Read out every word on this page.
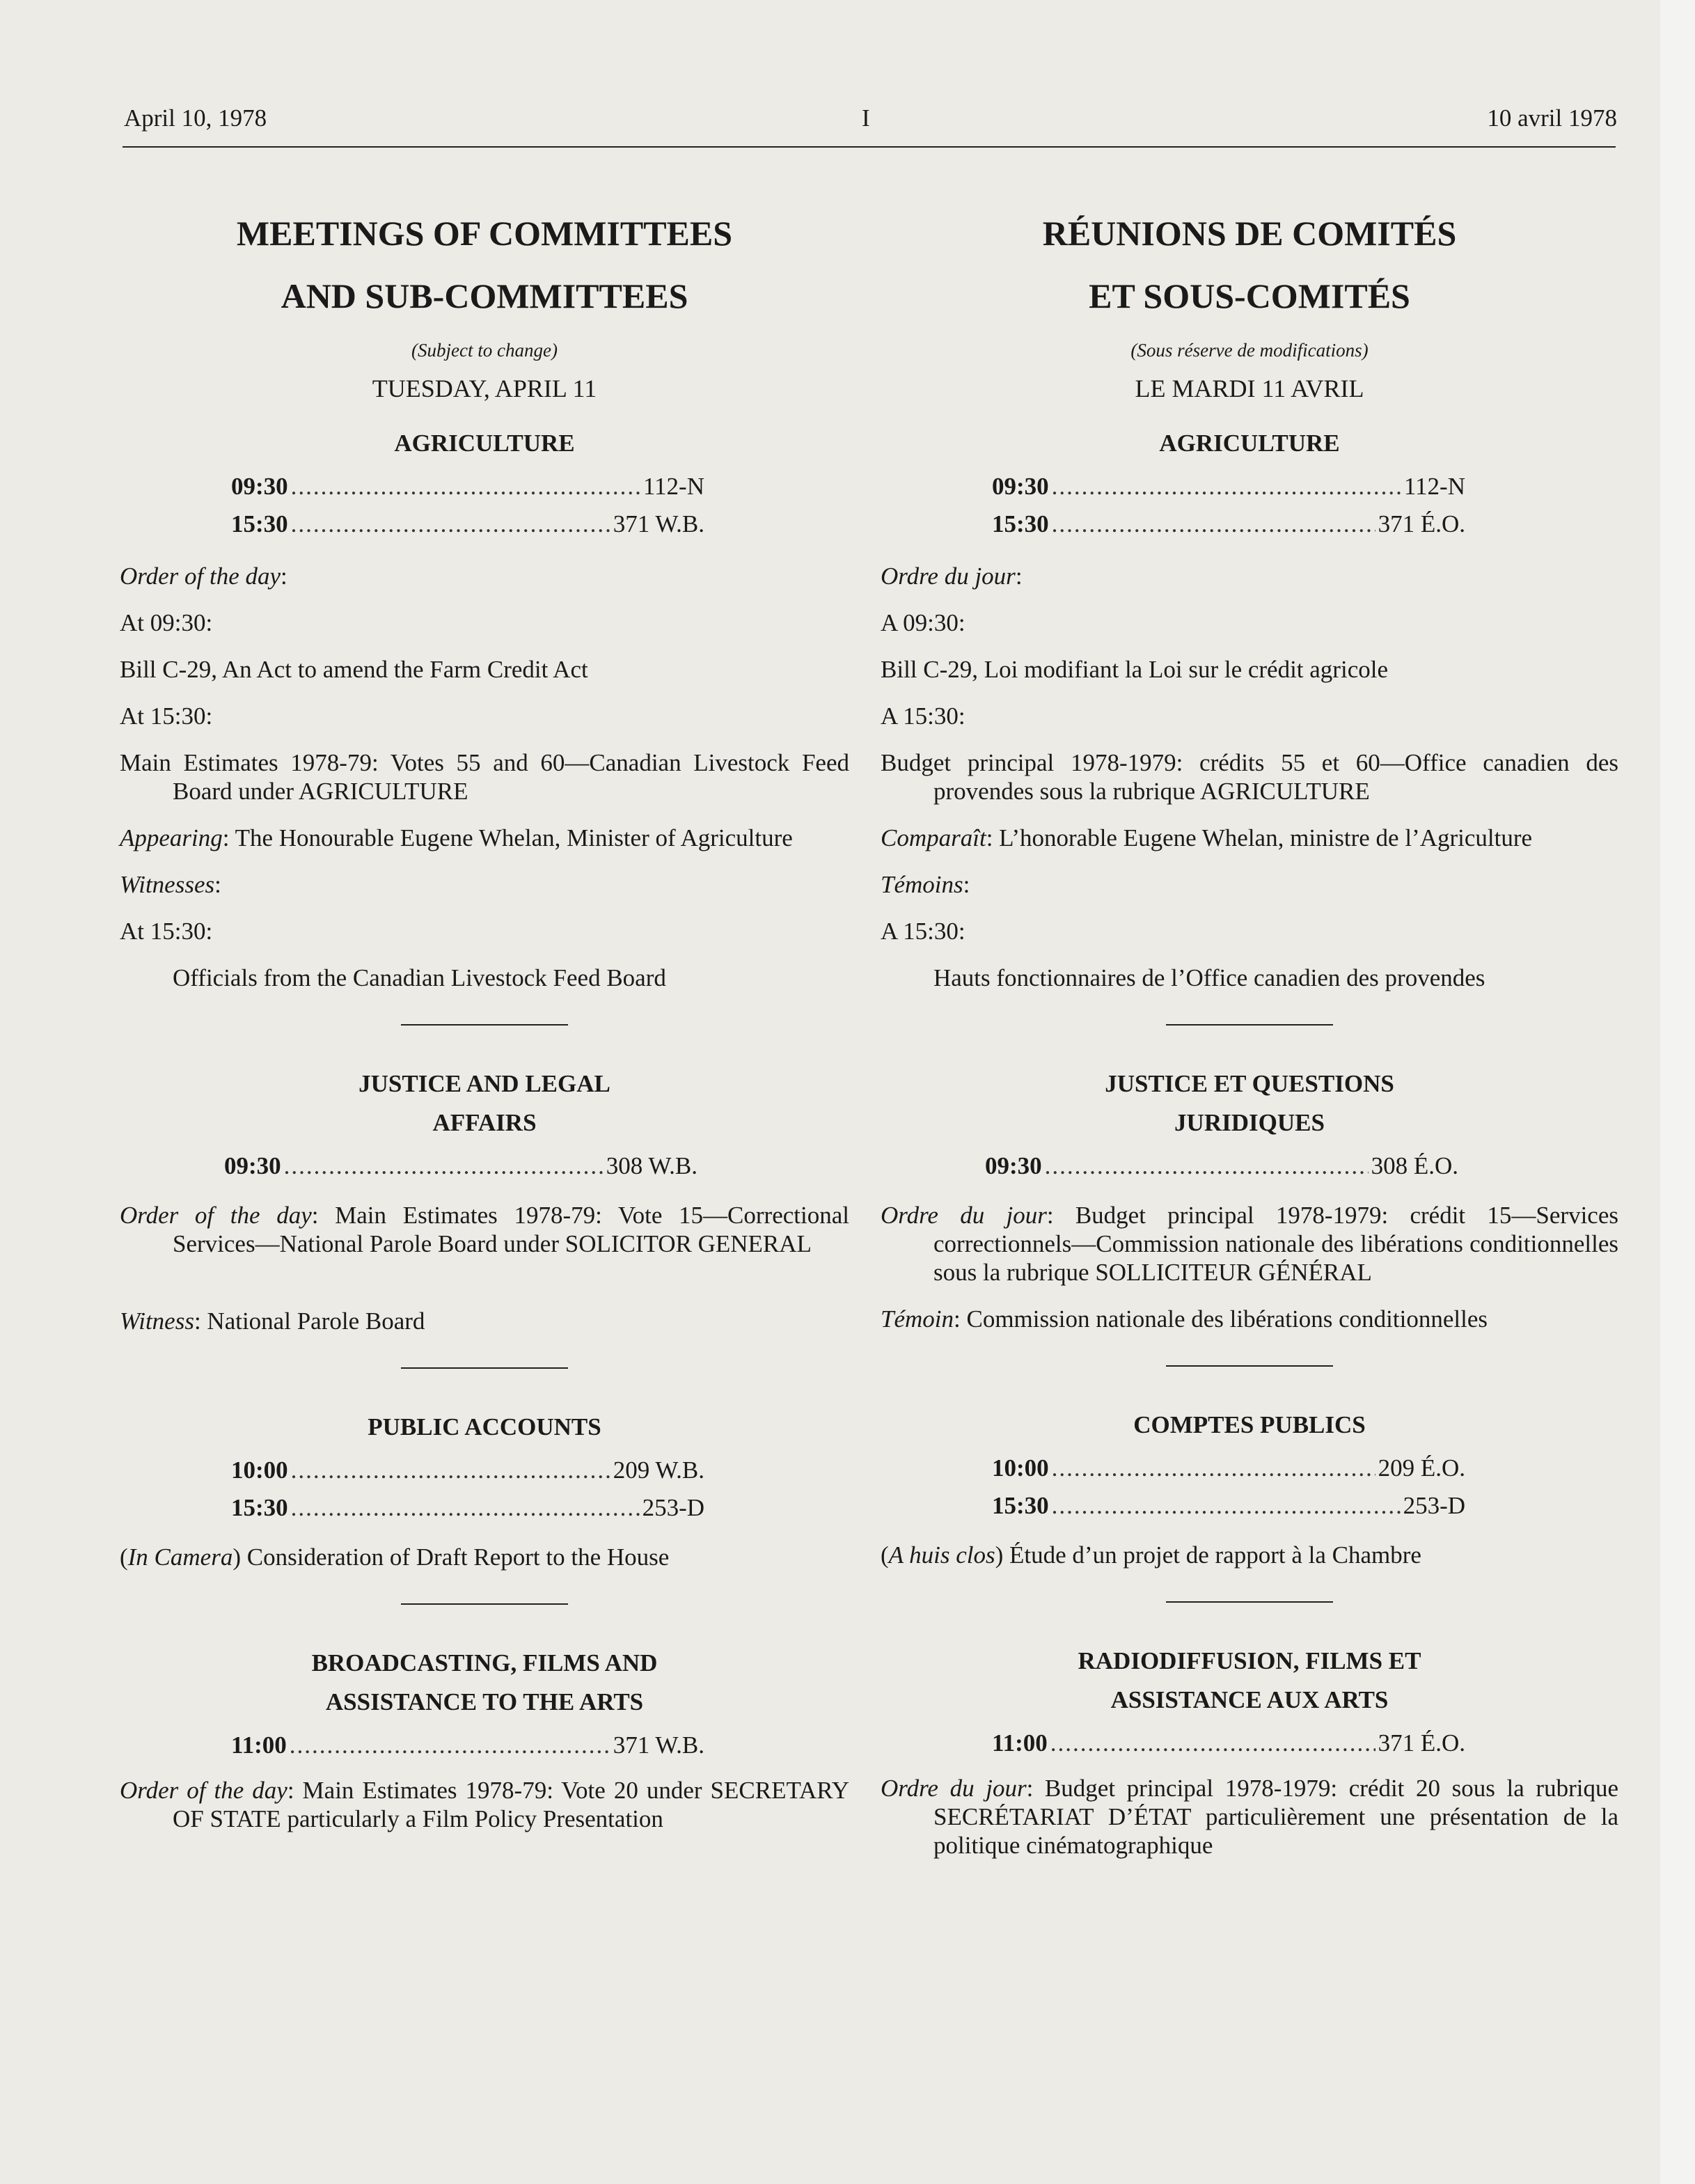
April 10, 1978	I	10 avril 1978
MEETINGS OF COMMITTEES
AND SUB-COMMITTEES
(Subject to change)
TUESDAY, APRIL 11
AGRICULTURE
09:30 .....	112-N
15:30 .....	371 W.B.
Order of the day:
At 09:30:
Bill C-29, An Act to amend the Farm Credit Act
At 15:30:
Main Estimates 1978-79: Votes 55 and 60—Canadian Livestock Feed Board under AGRICULTURE
Appearing: The Honourable Eugene Whelan, Minister of Agriculture
Witnesses:
At 15:30:
Officials from the Canadian Livestock Feed Board
JUSTICE AND LEGAL
AFFAIRS
09:30 .....	308 W.B.
Order of the day: Main Estimates 1978-79: Vote 15—Correctional Services—National Parole Board under SOLICITOR GENERAL
Witness: National Parole Board
PUBLIC ACCOUNTS
10:00 .....	209 W.B.
15:30 .....	253-D
(In Camera) Consideration of Draft Report to the House
BROADCASTING, FILMS AND
ASSISTANCE TO THE ARTS
11:00 .....	371 W.B.
Order of the day: Main Estimates 1978-79: Vote 20 under SECRETARY OF STATE particularly a Film Policy Presentation
RÉUNIONS DE COMITÉS
ET SOUS-COMITÉS
(Sous réserve de modifications)
LE MARDI 11 AVRIL
AGRICULTURE
09:30 .....	112-N
15:30 .....	371 É.O.
Ordre du jour:
A 09:30:
Bill C-29, Loi modifiant la Loi sur le crédit agricole
A 15:30:
Budget principal 1978-1979: crédits 55 et 60—Office canadien des provendes sous la rubrique AGRICULTURE
Comparaît: L’honorable Eugene Whelan, ministre de l’Agriculture
Témoins:
A 15:30:
Hauts fonctionnaires de l’Office canadien des provendes
JUSTICE ET QUESTIONS
JURIDIQUES
09:30 .....	308 É.O.
Ordre du jour: Budget principal 1978-1979: crédit 15—Services correctionnels—Commission nationale des libérations conditionnelles sous la rubrique SOLLICITEUR GÉNÉRAL
Témoin: Commission nationale des libérations conditionnelles
COMPTES PUBLICS
10:00 .....	209 É.O.
15:30 .....	253-D
(A huis clos) Étude d’un projet de rapport à la Chambre
RADIODIFFUSION, FILMS ET
ASSISTANCE AUX ARTS
11:00 .....	371 É.O.
Ordre du jour: Budget principal 1978-1979: crédit 20 sous la rubrique SECRÉTARIAT D’ÉTAT particulièrement une présentation de la politique cinématographique
